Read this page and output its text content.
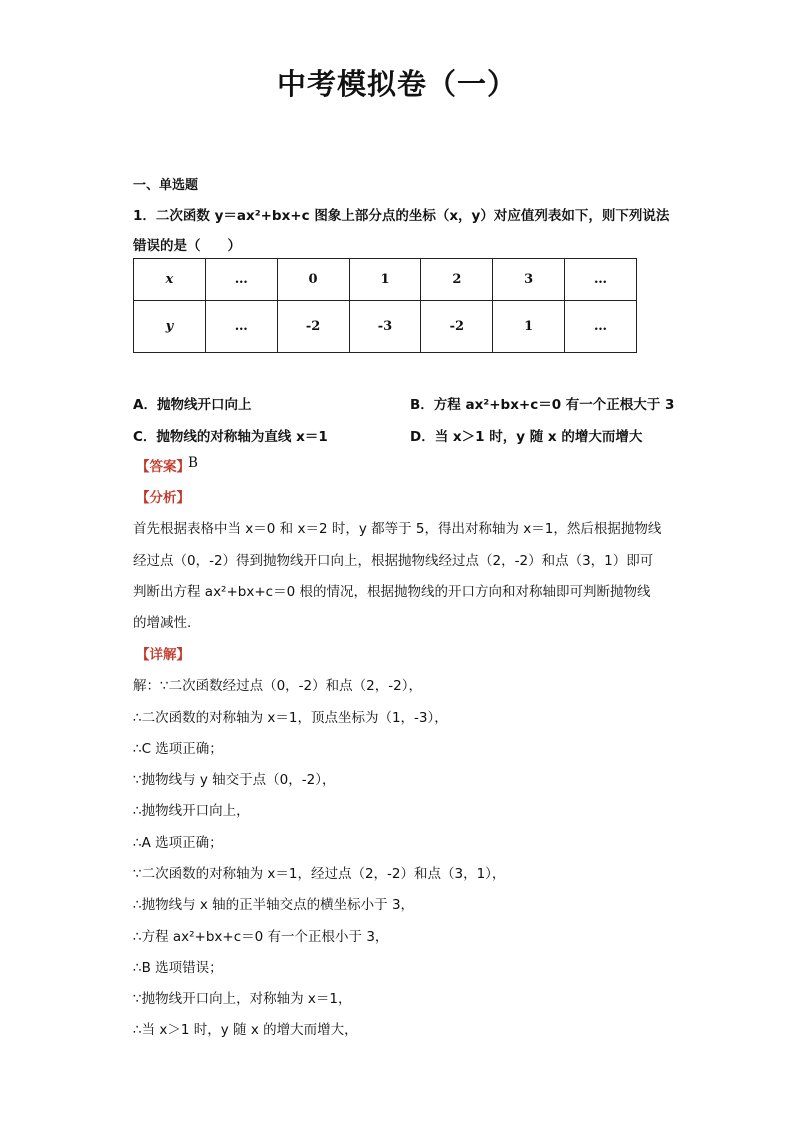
中考模拟卷（一）
一、单选题
1．二次函数 y＝ax²+bx+c 图象上部分点的坐标（x，y）对应值列表如下，则下列说法
错误的是（　　）
x	…	0	1	2	3	…
y	…	-2	-3	-2	1	…
A．抛物线开口向上	B．方程 ax²+bx+c＝0 有一个正根大于 3
C．抛物线的对称轴为直线 x＝1	D．当 x＞1 时，y 随 x 的增大而增大
【答案】
B
【分析】
首先根据表格中当 x＝0 和 x＝2 时，y 都等于 5，得出对称轴为 x＝1，然后根据抛物线
经过点（0，-2）得到抛物线开口向上，根据抛物线经过点（2，-2）和点（3，1）即可
判断出方程 ax²+bx+c＝0 根的情况，根据抛物线的开口方向和对称轴即可判断抛物线
的增减性．
【详解】
解：∵二次函数经过点（0，-2）和点（2，-2），
∴二次函数的对称轴为 x＝1，顶点坐标为（1，-3），
∴C 选项正确；
∵抛物线与 y 轴交于点（0，-2），
∴抛物线开口向上，
∴A 选项正确；
∵二次函数的对称轴为 x＝1，经过点（2，-2）和点（3，1），
∴抛物线与 x 轴的正半轴交点的横坐标小于 3，
∴方程 ax²+bx+c＝0 有一个正根小于 3，
∴B 选项错误；
∵抛物线开口向上，对称轴为 x＝1，
∴当 x＞1 时，y 随 x 的增大而增大，
